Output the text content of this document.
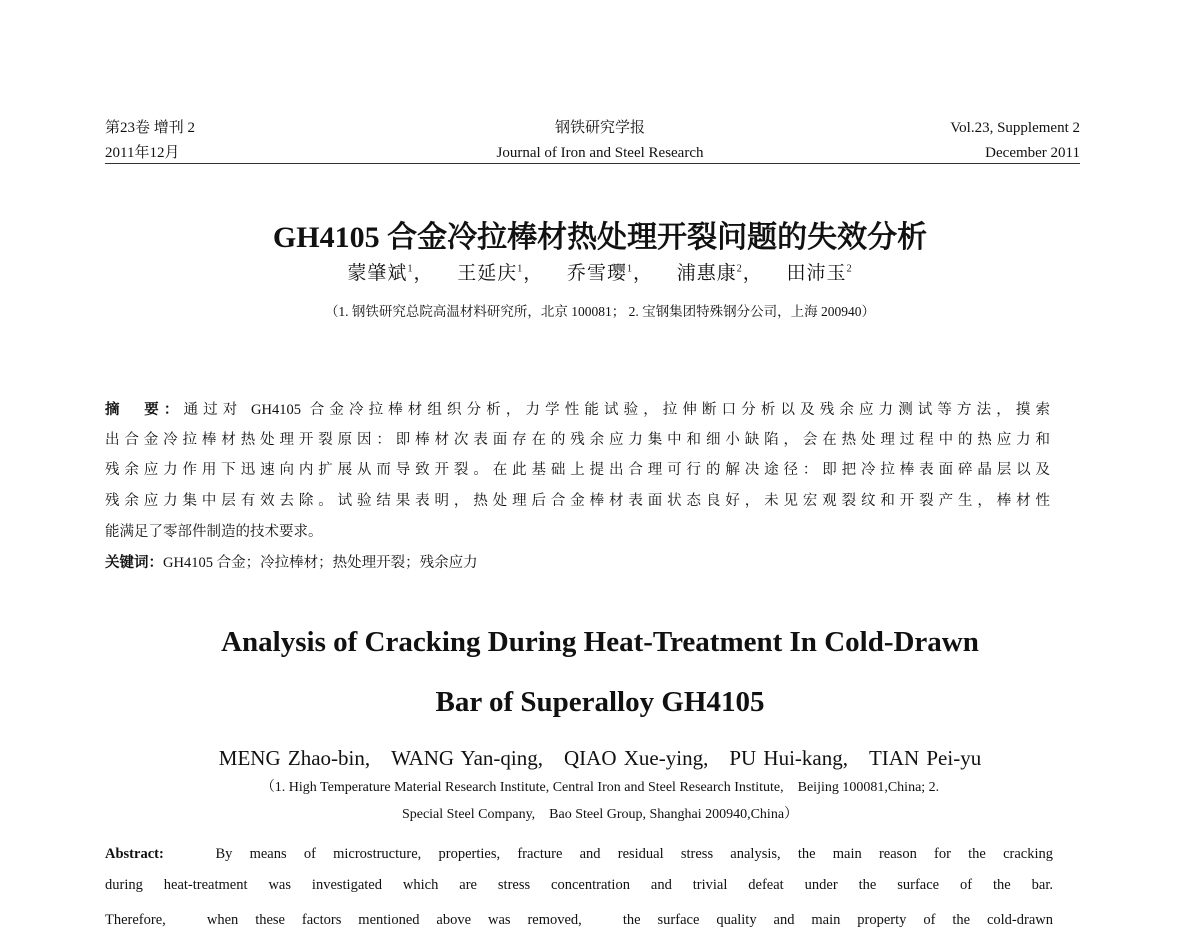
第23卷 增刊 2
2011年12月
钢铁研究学报
Journal of Iron and Steel Research
Vol.23, Supplement 2
December 2011
GH4105 合金冷拉棒材热处理开裂问题的失效分析
蒙肇斌$^1$， 王延庆$^1$， 乔雪璎$^1$， 浦惠康$^2$， 田沛玉$^2$
（1. 钢铁研究总院高温材料研究所，北京 100081； 2. 宝钢集团特殊钢分公司，上海 200940）
摘　要：通过对 GH4105 合金冷拉棒材组织分析，力学性能试验，拉伸断口分析以及残余应力测试等方法，摸索
出合金冷拉棒材热处理开裂原因：即棒材次表面存在的残余应力集中和细小缺陷，会在热处理过程中的热应力和
残余应力作用下迅速向内扩展从而导致开裂。在此基础上提出合理可行的解决途径：即把冷拉棒表面碎晶层以及
残余应力集中层有效去除。试验结果表明，热处理后合金棒材表面状态良好，未见宏观裂纹和开裂产生，棒材性
能满足了零部件制造的技术要求。
关键词：GH4105 合金；冷拉棒材；热处理开裂；残余应力
Analysis of Cracking During Heat-Treatment In Cold-Drawn
Bar of Superalloy GH4105
MENG Zhao-bin,　WANG Yan-qing,　QIAO Xue-ying,　PU Hui-kang,　TIAN Pei-yu
（1. High Temperature Material Research Institute, Central Iron and Steel Research Institute,　Beijing 100081,China; 2.
Special Steel Company,　Bao Steel Group, Shanghai 200940,China）
Abstract:	By means of microstructure, properties, fracture and residual stress analysis, the main reason for the cracking
during heat-treatment was investigated which are stress concentration and trivial defeat under the surface of the bar.
Therefore,　when these factors mentioned above was removed,　the surface quality and main property of the cold-drawn
